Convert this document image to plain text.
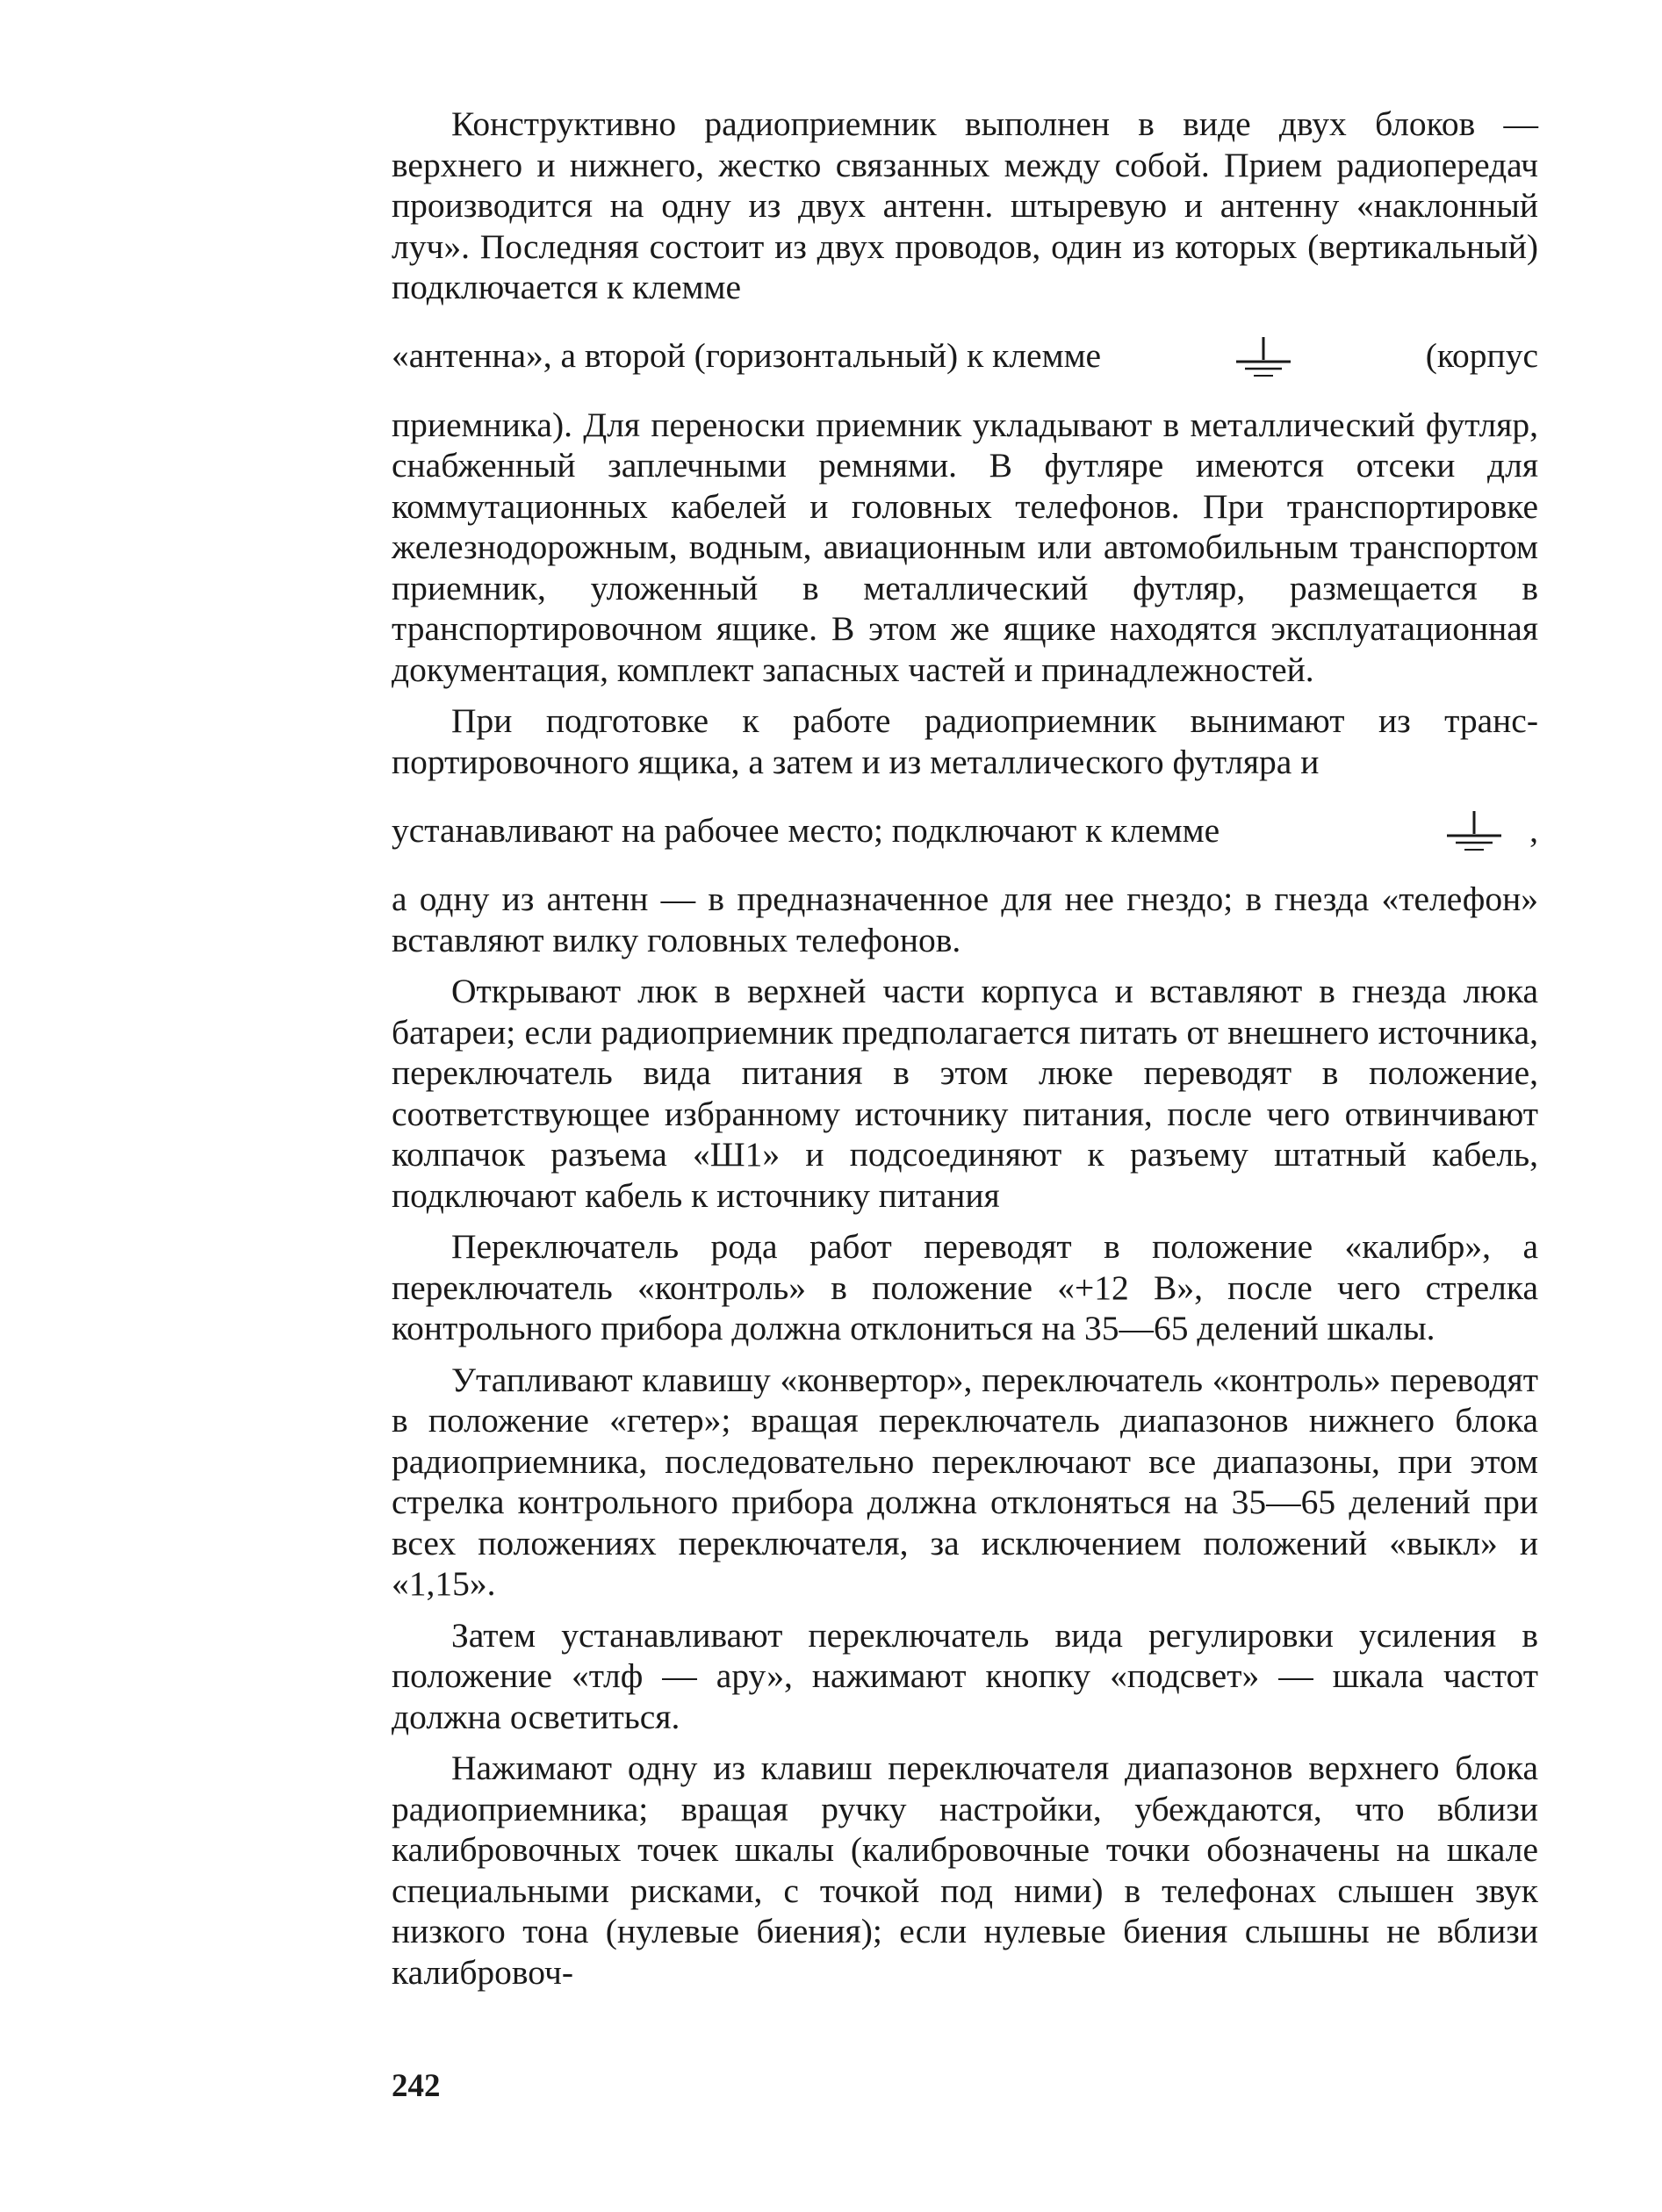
Конструктивно радиоприемник выполнен в виде двух блоков — верхнего и нижнего, жестко связанных между собой. Прием радиопередач производится на одну из двух антенн. штыревую и антенну «наклонный луч». Последняя состоит из двух проводов, один из которых (вертикальный) подключается к клемме

«антенна», а второй (горизонтальный) к клемме	(корпус

приемника). Для переноски приемник укладывают в металлический футляр, снабженный заплечными ремнями. В футляре имеются отсеки для коммутационных кабелей и головных телефонов. При транспортировке железнодорожным, водным, авиационным или автомобильным транспортом приемник, уложенный в металлический футляр, размещается в транспортировочном ящике. В этом же ящике находятся эксплуатационная документация, комплект запасных частей и принадлежностей.

При подготовке к работе радиоприемник вынимают из транспортировочного ящика, а затем и из металлического футляра и

устанавливают на рабочее место; подключают к клемме	,

а одну из антенн — в предназначенное для нее гнездо; в гнезда «телефон» вставляют вилку головных телефонов.

Открывают люк в верхней части корпуса и вставляют в гнезда люка батареи; если радиоприемник предполагается питать от внешнего источника, переключатель вида питания в этом люке переводят в положение, соответствующее избранному источнику питания, после чего отвинчивают колпачок разъема «Ш1» и подсоединяют к разъему штатный кабель, подключают кабель к источнику питания

Переключатель рода работ переводят в положение «калибр», а переключатель «контроль» в положение «+12 В», после чего стрелка контрольного прибора должна отклониться на 35—65 делений шкалы.

Утапливают клавишу «конвертор», переключатель «контроль» переводят в положение «гетер»; вращая переключатель диапазонов нижнего блока радиоприемника, последовательно переключают все диапазоны, при этом стрелка контрольного прибора должна отклоняться на 35—65 делений при всех положениях переключателя, за исключением положений «выкл» и «1,15».

Затем устанавливают переключатель вида регулировки усиления в положение «тлф — ару», нажимают кнопку «подсвет» — шкала частот должна осветиться.

Нажимают одну из клавиш переключателя диапазонов верхнего блока радиоприемника; вращая ручку настройки, убеждаются, что вблизи калибровочных точек шкалы (калибровочные точки обозначены на шкале специальными рисками, с точкой под ними) в телефонах слышен звук низкого тона (нулевые биения); если нулевые биения слышны не вблизи калибровоч-

242
